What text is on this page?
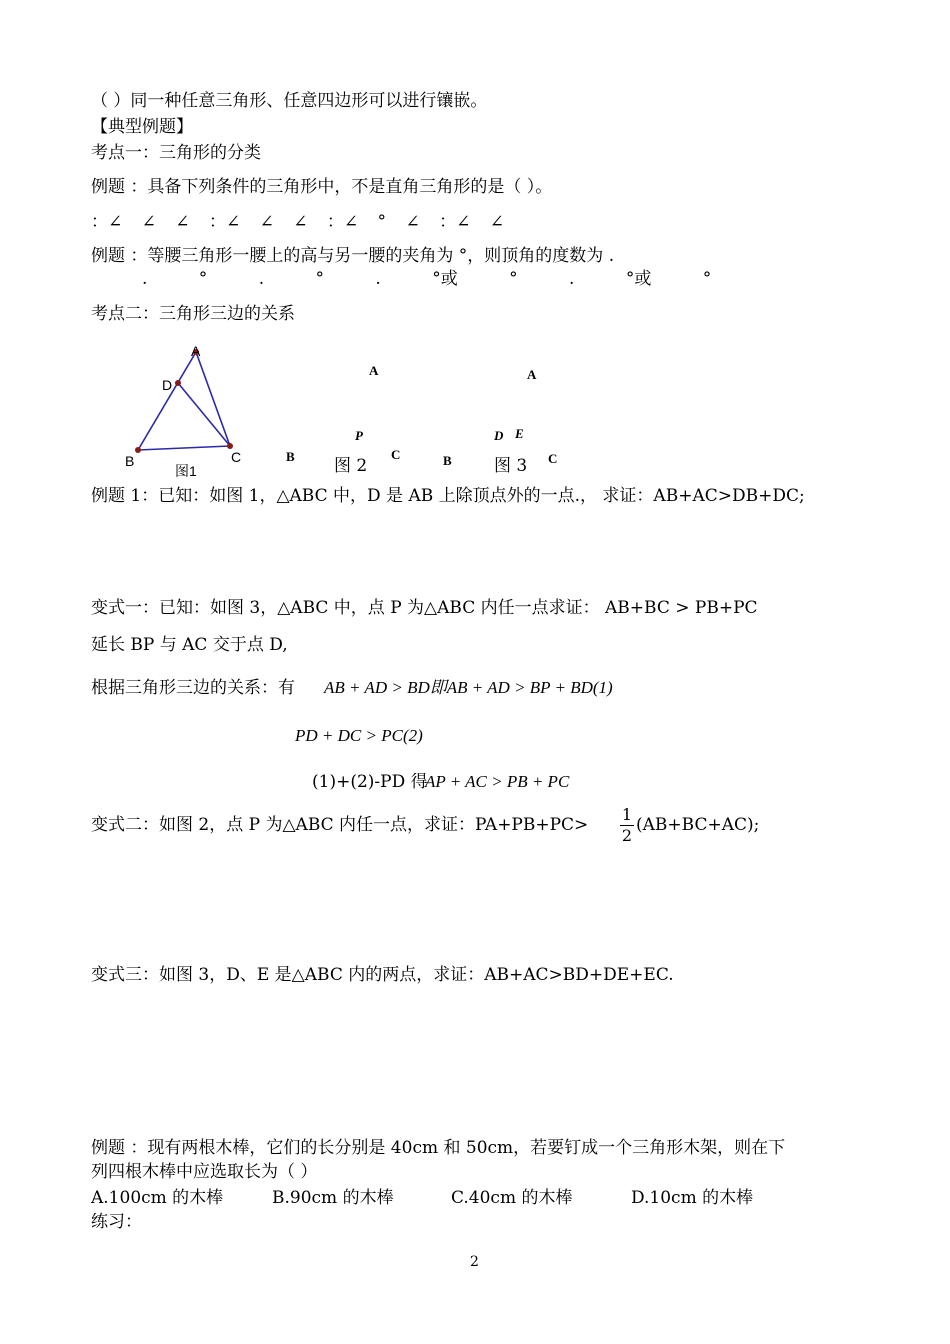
（ ）同一种任意三角形、任意四边形可以进行镶嵌。
【典型例题】
考点一：三角形的分类
例题 ：具备下列条件的三角形中，不是直角三角形的是（ ）。
：∠ ∠ ∠ ：∠ ∠ ∠ ：∠ ° ∠ ：∠ ∠
例题 ：等腰三角形一腰上的高与另一腰的夹角为 °，则顶角的度数为 .
. ° . ° . °或 ° . °或 °
考点二：三角形三边的关系
A
D
B	C
图1
A
P
C
B 图 2
A
D E
B	C
图 3
例题 1：已知：如图 1，△ABC 中，D 是 AB 上除顶点外的一点.， 求证：AB+AC>DB+DC;
变式一：已知：如图 3，△ABC 中，点 P 为△ABC 内任一点求证： AB+BC > PB+PC
延长 BP 与 AC 交于点 D,
根据三角形三边的关系：有 AB + AD > BD即AB + AD > BP + BD(1)
PD + DC > PC(2)
(1)+(2)-PD 得
AP + AC > PB + PC
变式二：如图 2，点 P 为△ABC 内任一点，求证：PA+PB+PC>
1
2
(AB+BC+AC);
变式三：如图 3，D、E 是△ABC 内的两点，求证：AB+AC>BD+DE+EC.
例题 ：现有两根木棒，它们的长分别是 40cm 和 50cm，若要钉成一个三角形木架，则在下
列四根木棒中应选取长为（ ）
A.100cm 的木棒	B.90cm 的木棒	C.40cm 的木棒	D.10cm 的木棒
练习：
2
